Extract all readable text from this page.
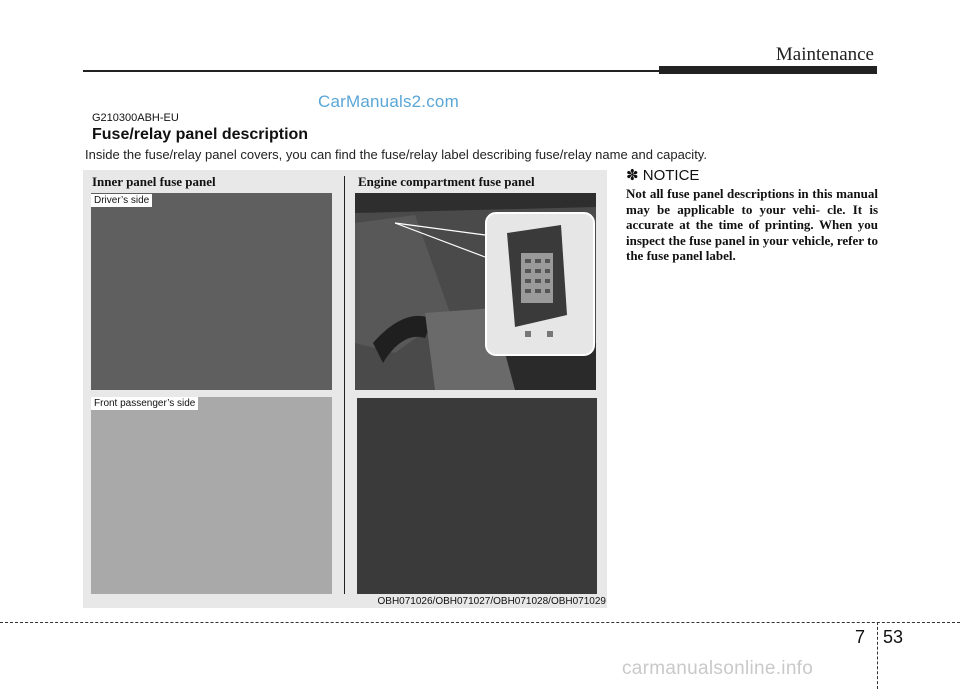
Maintenance
CarManuals2.com
G210300ABH-EU
Fuse/relay panel description
Inside the fuse/relay panel covers, you can find the fuse/relay label describing fuse/relay name and capacity.
Inner panel fuse panel	Engine compartment fuse panel
Driver’s side
Front passenger’s side
OBH071026/OBH071027/OBH071028/OBH071029
✽ NOTICE
Not all fuse panel descriptions in this manual may be applicable to your vehi- cle. It is accurate at the time of printing. When you inspect the fuse panel in your vehicle, refer to the fuse panel label.
7 53
carmanualsonline.info
